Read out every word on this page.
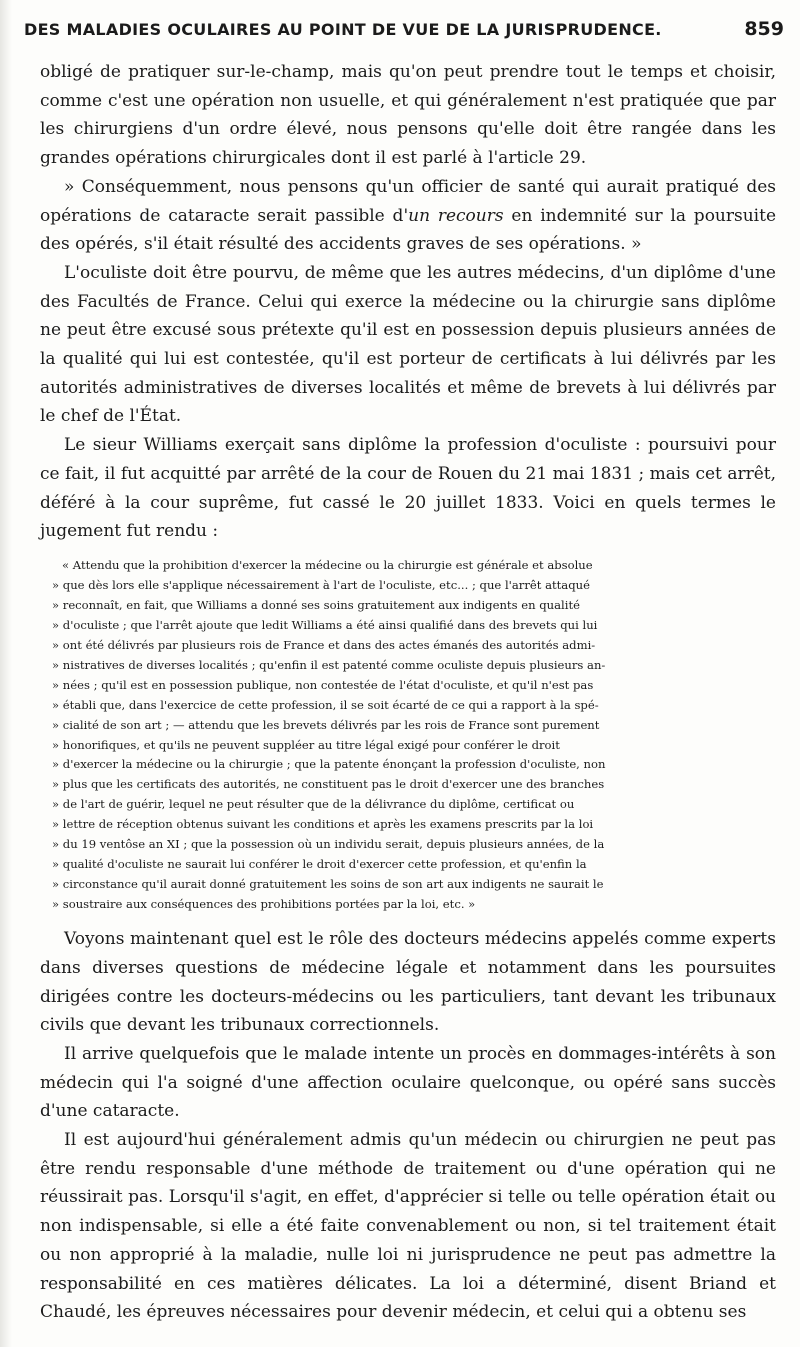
DES MALADIES OCULAIRES AU POINT DE VUE DE LA JURISPRUDENCE.	859

obligé de pratiquer sur-le-champ, mais qu'on peut prendre tout le temps et choisir, comme c'est une opération non usuelle, et qui généralement n'est pratiquée que par les chirurgiens d'un ordre élevé, nous pensons qu'elle doit être rangée dans les grandes opérations chirurgicales dont il est parlé à l'article 29.

» Conséquemment, nous pensons qu'un officier de santé qui aurait pratiqué des opérations de cataracte serait passible d'un recours en indemnité sur la poursuite des opérés, s'il était résulté des accidents graves de ses opérations. »

L'oculiste doit être pourvu, de même que les autres médecins, d'un diplôme d'une des Facultés de France. Celui qui exerce la médecine ou la chirurgie sans diplôme ne peut être excusé sous prétexte qu'il est en possession depuis plusieurs années de la qualité qui lui est contestée, qu'il est porteur de certificats à lui délivrés par les autorités administratives de diverses localités et même de brevets à lui délivrés par le chef de l'État.

Le sieur Williams exerçait sans diplôme la profession d'oculiste : poursuivi pour ce fait, il fut acquitté par arrêté de la cour de Rouen du 21 mai 1831 ; mais cet arrêt, déféré à la cour suprême, fut cassé le 20 juillet 1833. Voici en quels termes le jugement fut rendu :

« Attendu que la prohibition d'exercer la médecine ou la chirurgie est générale et absolue

» que dès lors elle s'applique nécessairement à l'art de l'oculiste, etc... ; que l'arrêt attaqué

» reconnaît, en fait, que Williams a donné ses soins gratuitement aux indigents en qualité

» d'oculiste ; que l'arrêt ajoute que ledit Williams a été ainsi qualifié dans des brevets qui lui

» ont été délivrés par plusieurs rois de France et dans des actes émanés des autorités admi-

» nistratives de diverses localités ; qu'enfin il est patenté comme oculiste depuis plusieurs an-

» nées ; qu'il est en possession publique, non contestée de l'état d'oculiste, et qu'il n'est pas

» établi que, dans l'exercice de cette profession, il se soit écarté de ce qui a rapport à la spé-

» cialité de son art ; — attendu que les brevets délivrés par les rois de France sont purement

» honorifiques, et qu'ils ne peuvent suppléer au titre légal exigé pour conférer le droit

» d'exercer la médecine ou la chirurgie ; que la patente énonçant la profession d'oculiste, non

» plus que les certificats des autorités, ne constituent pas le droit d'exercer une des branches

» de l'art de guérir, lequel ne peut résulter que de la délivrance du diplôme, certificat ou

» lettre de réception obtenus suivant les conditions et après les examens prescrits par la loi

» du 19 ventôse an XI ; que la possession où un individu serait, depuis plusieurs années, de la

» qualité d'oculiste ne saurait lui conférer le droit d'exercer cette profession, et qu'enfin la

» circonstance qu'il aurait donné gratuitement les soins de son art aux indigents ne saurait le

» soustraire aux conséquences des prohibitions portées par la loi, etc. »

Voyons maintenant quel est le rôle des docteurs médecins appelés comme experts dans diverses questions de médecine légale et notamment dans les poursuites dirigées contre les docteurs-médecins ou les particuliers, tant devant les tribunaux civils que devant les tribunaux correctionnels.

Il arrive quelquefois que le malade intente un procès en dommages-intérêts à son médecin qui l'a soigné d'une affection oculaire quelconque, ou opéré sans succès d'une cataracte.

Il est aujourd'hui généralement admis qu'un médecin ou chirurgien ne peut pas être rendu responsable d'une méthode de traitement ou d'une opération qui ne réussirait pas. Lorsqu'il s'agit, en effet, d'apprécier si telle ou telle opération était ou non indispensable, si elle a été faite convenablement ou non, si tel traitement était ou non approprié à la maladie, nulle loi ni jurisprudence ne peut pas admettre la responsabilité en ces matières délicates. La loi a déterminé, disent Briand et Chaudé, les épreuves nécessaires pour devenir médecin, et celui qui a obtenu ses
